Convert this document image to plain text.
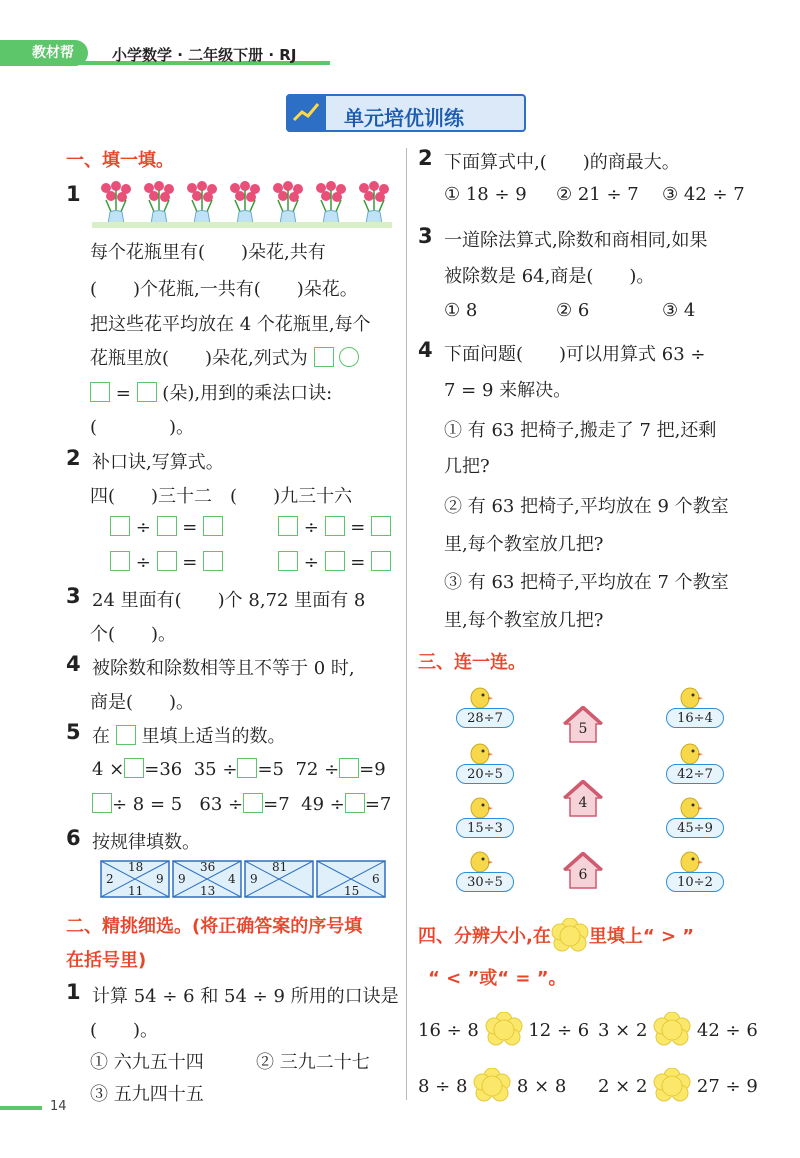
教材帮	小学数学 · 二年级下册 · RJ
单元培优训练
一、填一填。
1
每个花瓶里有(　　)朵花,共有
(　　)个花瓶,一共有(　　)朵花。
把这些花平均放在 4 个花瓶里,每个
花瓶里放(　　)朵花,列式为
= (朵),用到的乘法口诀:
(　　　　)。
2 补口诀,写算式。
四(　　)三十二　(　　)九三十六
÷ =	÷ =
÷ =	÷ =
3 24 里面有(　　)个 8,72 里面有 8
个(　　)。
4 被除数和除数相等且不等于 0 时,
商是(　　)。
5 在 里填上适当的数。
4 × =36 35 ÷ =5 72 ÷ =9
÷ 8 = 5 63 ÷ =7 49 ÷ =7
6 按规律填数。
18
2	9
11
36
9	4
13
81
9	6
15
二、精挑细选。(将正确答案的序号填
在括号里)
1 计算 54 ÷ 6 和 54 ÷ 9 所用的口诀是
(　　)。
① 六九五十四	② 三九二十七
③ 五九四十五
2 下面算式中,(　　)的商最大。
① 18 ÷ 9 ② 21 ÷ 7 ③ 42 ÷ 7
3 一道除法算式,除数和商相同,如果
被除数是 64,商是(　　)。
① 8	② 6	③ 4
4 下面问题(　　)可以用算式 63 ÷
7 = 9 来解决。
① 有 63 把椅子,搬走了 7 把,还剩
几把?
② 有 63 把椅子,平均放在 9 个教室
里,每个教室放几把?
③ 有 63 把椅子,平均放在 7 个教室
里,每个教室放几把?
三、连一连。
28÷7
20÷5
15÷3
30÷5
5
4
6
16÷4
42÷7
45÷9
10÷2
四、分辨大小,在 里填上“ > ”
“ < ”或“ = ”。
16 ÷ 8	12 ÷ 6 3 × 2	42 ÷ 6
8 ÷ 8	8 × 8 2 × 2	27 ÷ 9
14
